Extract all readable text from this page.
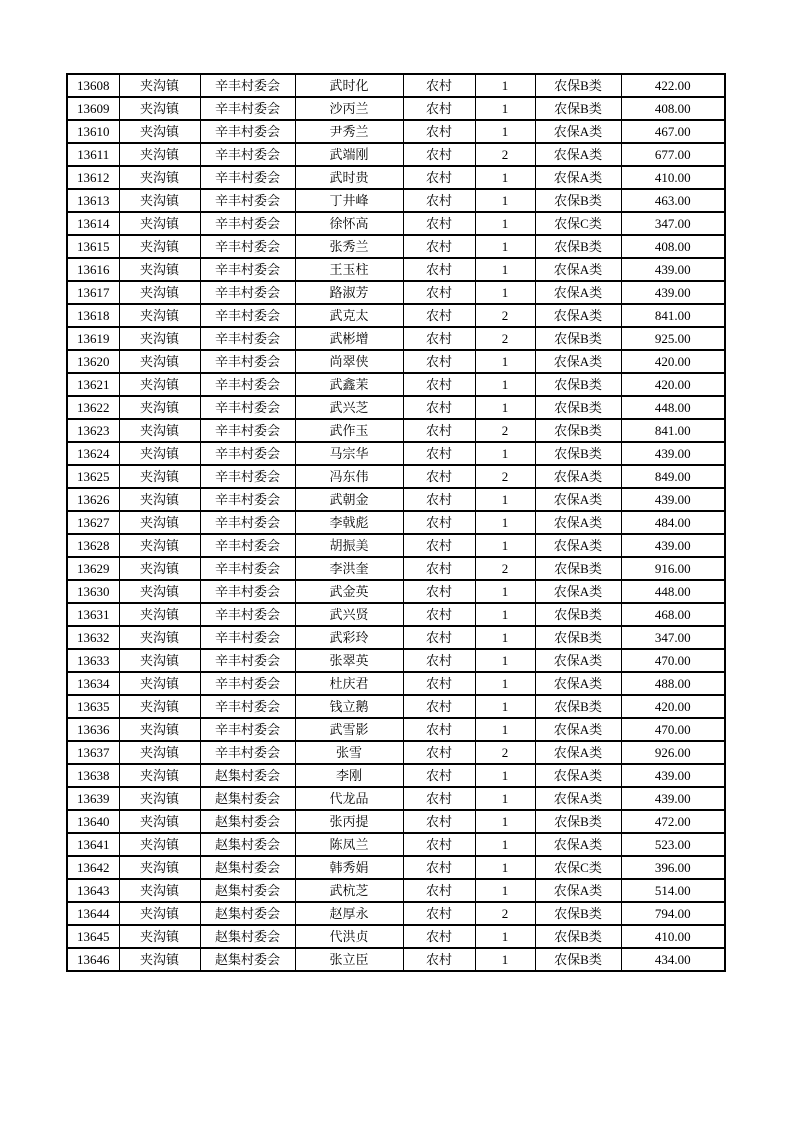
13608	夹沟镇	辛丰村委会	武时化	农村	1	农保B类	422.00
13609	夹沟镇	辛丰村委会	沙丙兰	农村	1	农保B类	408.00
13610	夹沟镇	辛丰村委会	尹秀兰	农村	1	农保A类	467.00
13611	夹沟镇	辛丰村委会	武端刚	农村	2	农保A类	677.00
13612	夹沟镇	辛丰村委会	武时贵	农村	1	农保A类	410.00
13613	夹沟镇	辛丰村委会	丁井峰	农村	1	农保B类	463.00
13614	夹沟镇	辛丰村委会	徐怀高	农村	1	农保C类	347.00
13615	夹沟镇	辛丰村委会	张秀兰	农村	1	农保B类	408.00
13616	夹沟镇	辛丰村委会	王玉柱	农村	1	农保A类	439.00
13617	夹沟镇	辛丰村委会	路淑芳	农村	1	农保A类	439.00
13618	夹沟镇	辛丰村委会	武克太	农村	2	农保A类	841.00
13619	夹沟镇	辛丰村委会	武彬增	农村	2	农保B类	925.00
13620	夹沟镇	辛丰村委会	尚翠侠	农村	1	农保A类	420.00
13621	夹沟镇	辛丰村委会	武鑫茉	农村	1	农保B类	420.00
13622	夹沟镇	辛丰村委会	武兴芝	农村	1	农保B类	448.00
13623	夹沟镇	辛丰村委会	武作玉	农村	2	农保B类	841.00
13624	夹沟镇	辛丰村委会	马宗华	农村	1	农保B类	439.00
13625	夹沟镇	辛丰村委会	冯东伟	农村	2	农保A类	849.00
13626	夹沟镇	辛丰村委会	武朝金	农村	1	农保A类	439.00
13627	夹沟镇	辛丰村委会	李戟彪	农村	1	农保A类	484.00
13628	夹沟镇	辛丰村委会	胡振美	农村	1	农保A类	439.00
13629	夹沟镇	辛丰村委会	李洪奎	农村	2	农保B类	916.00
13630	夹沟镇	辛丰村委会	武金英	农村	1	农保A类	448.00
13631	夹沟镇	辛丰村委会	武兴贤	农村	1	农保B类	468.00
13632	夹沟镇	辛丰村委会	武彩玲	农村	1	农保B类	347.00
13633	夹沟镇	辛丰村委会	张翠英	农村	1	农保A类	470.00
13634	夹沟镇	辛丰村委会	杜庆君	农村	1	农保A类	488.00
13635	夹沟镇	辛丰村委会	钱立鹅	农村	1	农保B类	420.00
13636	夹沟镇	辛丰村委会	武雪影	农村	1	农保A类	470.00
13637	夹沟镇	辛丰村委会	张雪	农村	2	农保A类	926.00
13638	夹沟镇	赵集村委会	李刚	农村	1	农保A类	439.00
13639	夹沟镇	赵集村委会	代龙品	农村	1	农保A类	439.00
13640	夹沟镇	赵集村委会	张丙提	农村	1	农保B类	472.00
13641	夹沟镇	赵集村委会	陈凤兰	农村	1	农保A类	523.00
13642	夹沟镇	赵集村委会	韩秀娟	农村	1	农保C类	396.00
13643	夹沟镇	赵集村委会	武杭芝	农村	1	农保A类	514.00
13644	夹沟镇	赵集村委会	赵厚永	农村	2	农保B类	794.00
13645	夹沟镇	赵集村委会	代洪贞	农村	1	农保B类	410.00
13646	夹沟镇	赵集村委会	张立臣	农村	1	农保B类	434.00
